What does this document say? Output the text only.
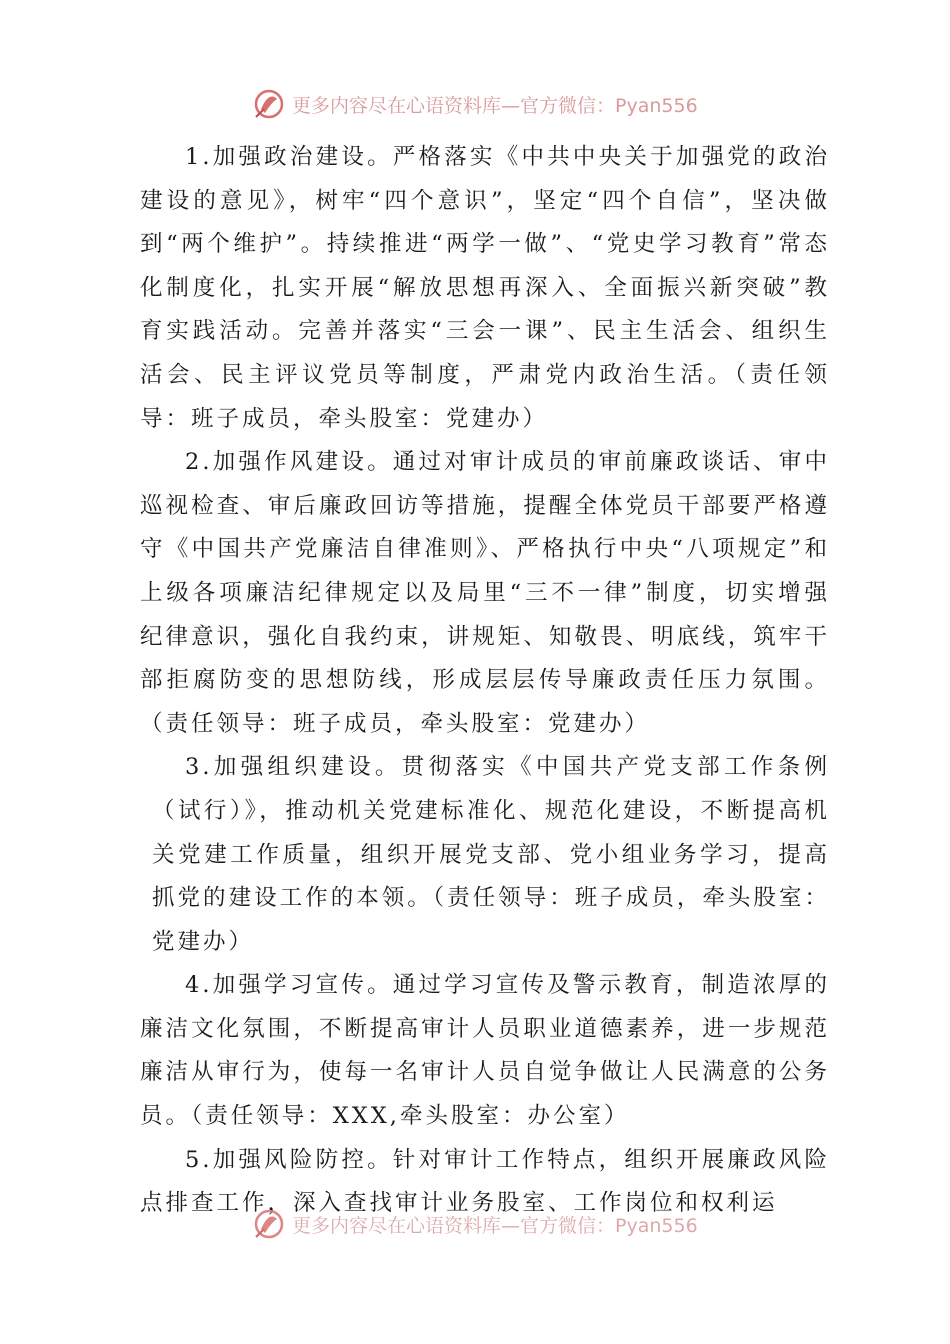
更多内容尽在心语资料库—官方微信：Pyan556

1.加强政治建设。严格落实《中共中央关于加强党的政治建设的意见》，树牢“四个意识”，坚定“四个自信”，坚决做到“两个维护”。持续推进“两学一做”、“党史学习教育”常态化制度化，扎实开展“解放思想再深入、全面振兴新突破”教育实践活动。完善并落实“三会一课”、民主生活会、组织生活会、民主评议党员等制度，严肃党内政治生活。（责任领导：班子成员，牵头股室：党建办）

2.加强作风建设。通过对审计成员的审前廉政谈话、审中巡视检查、审后廉政回访等措施，提醒全体党员干部要严格遵守《中国共产党廉洁自律准则》、严格执行中央“八项规定”和上级各项廉洁纪律规定以及局里“三不一律”制度，切实增强纪律意识，强化自我约束，讲规矩、知敬畏、明底线，筑牢干部拒腐防变的思想防线，形成层层传导廉政责任压力氛围。（责任领导：班子成员，牵头股室：党建办）

3.加强组织建设。贯彻落实《中国共产党支部工作条例（试行）》，推动机关党建标准化、规范化建设，不断提高机关党建工作质量，组织开展党支部、党小组业务学习，提高抓党的建设工作的本领。（责任领导：班子成员，牵头股室：党建办）

4.加强学习宣传。通过学习宣传及警示教育，制造浓厚的廉洁文化氛围，不断提高审计人员职业道德素养，进一步规范廉洁从审行为，使每一名审计人员自觉争做让人民满意的公务员。（责任领导：XXX,牵头股室：办公室）

5.加强风险防控。针对审计工作特点，组织开展廉政风险点排查工作，深入查找审计业务股室、工作岗位和权利运

更多内容尽在心语资料库—官方微信：Pyan556
